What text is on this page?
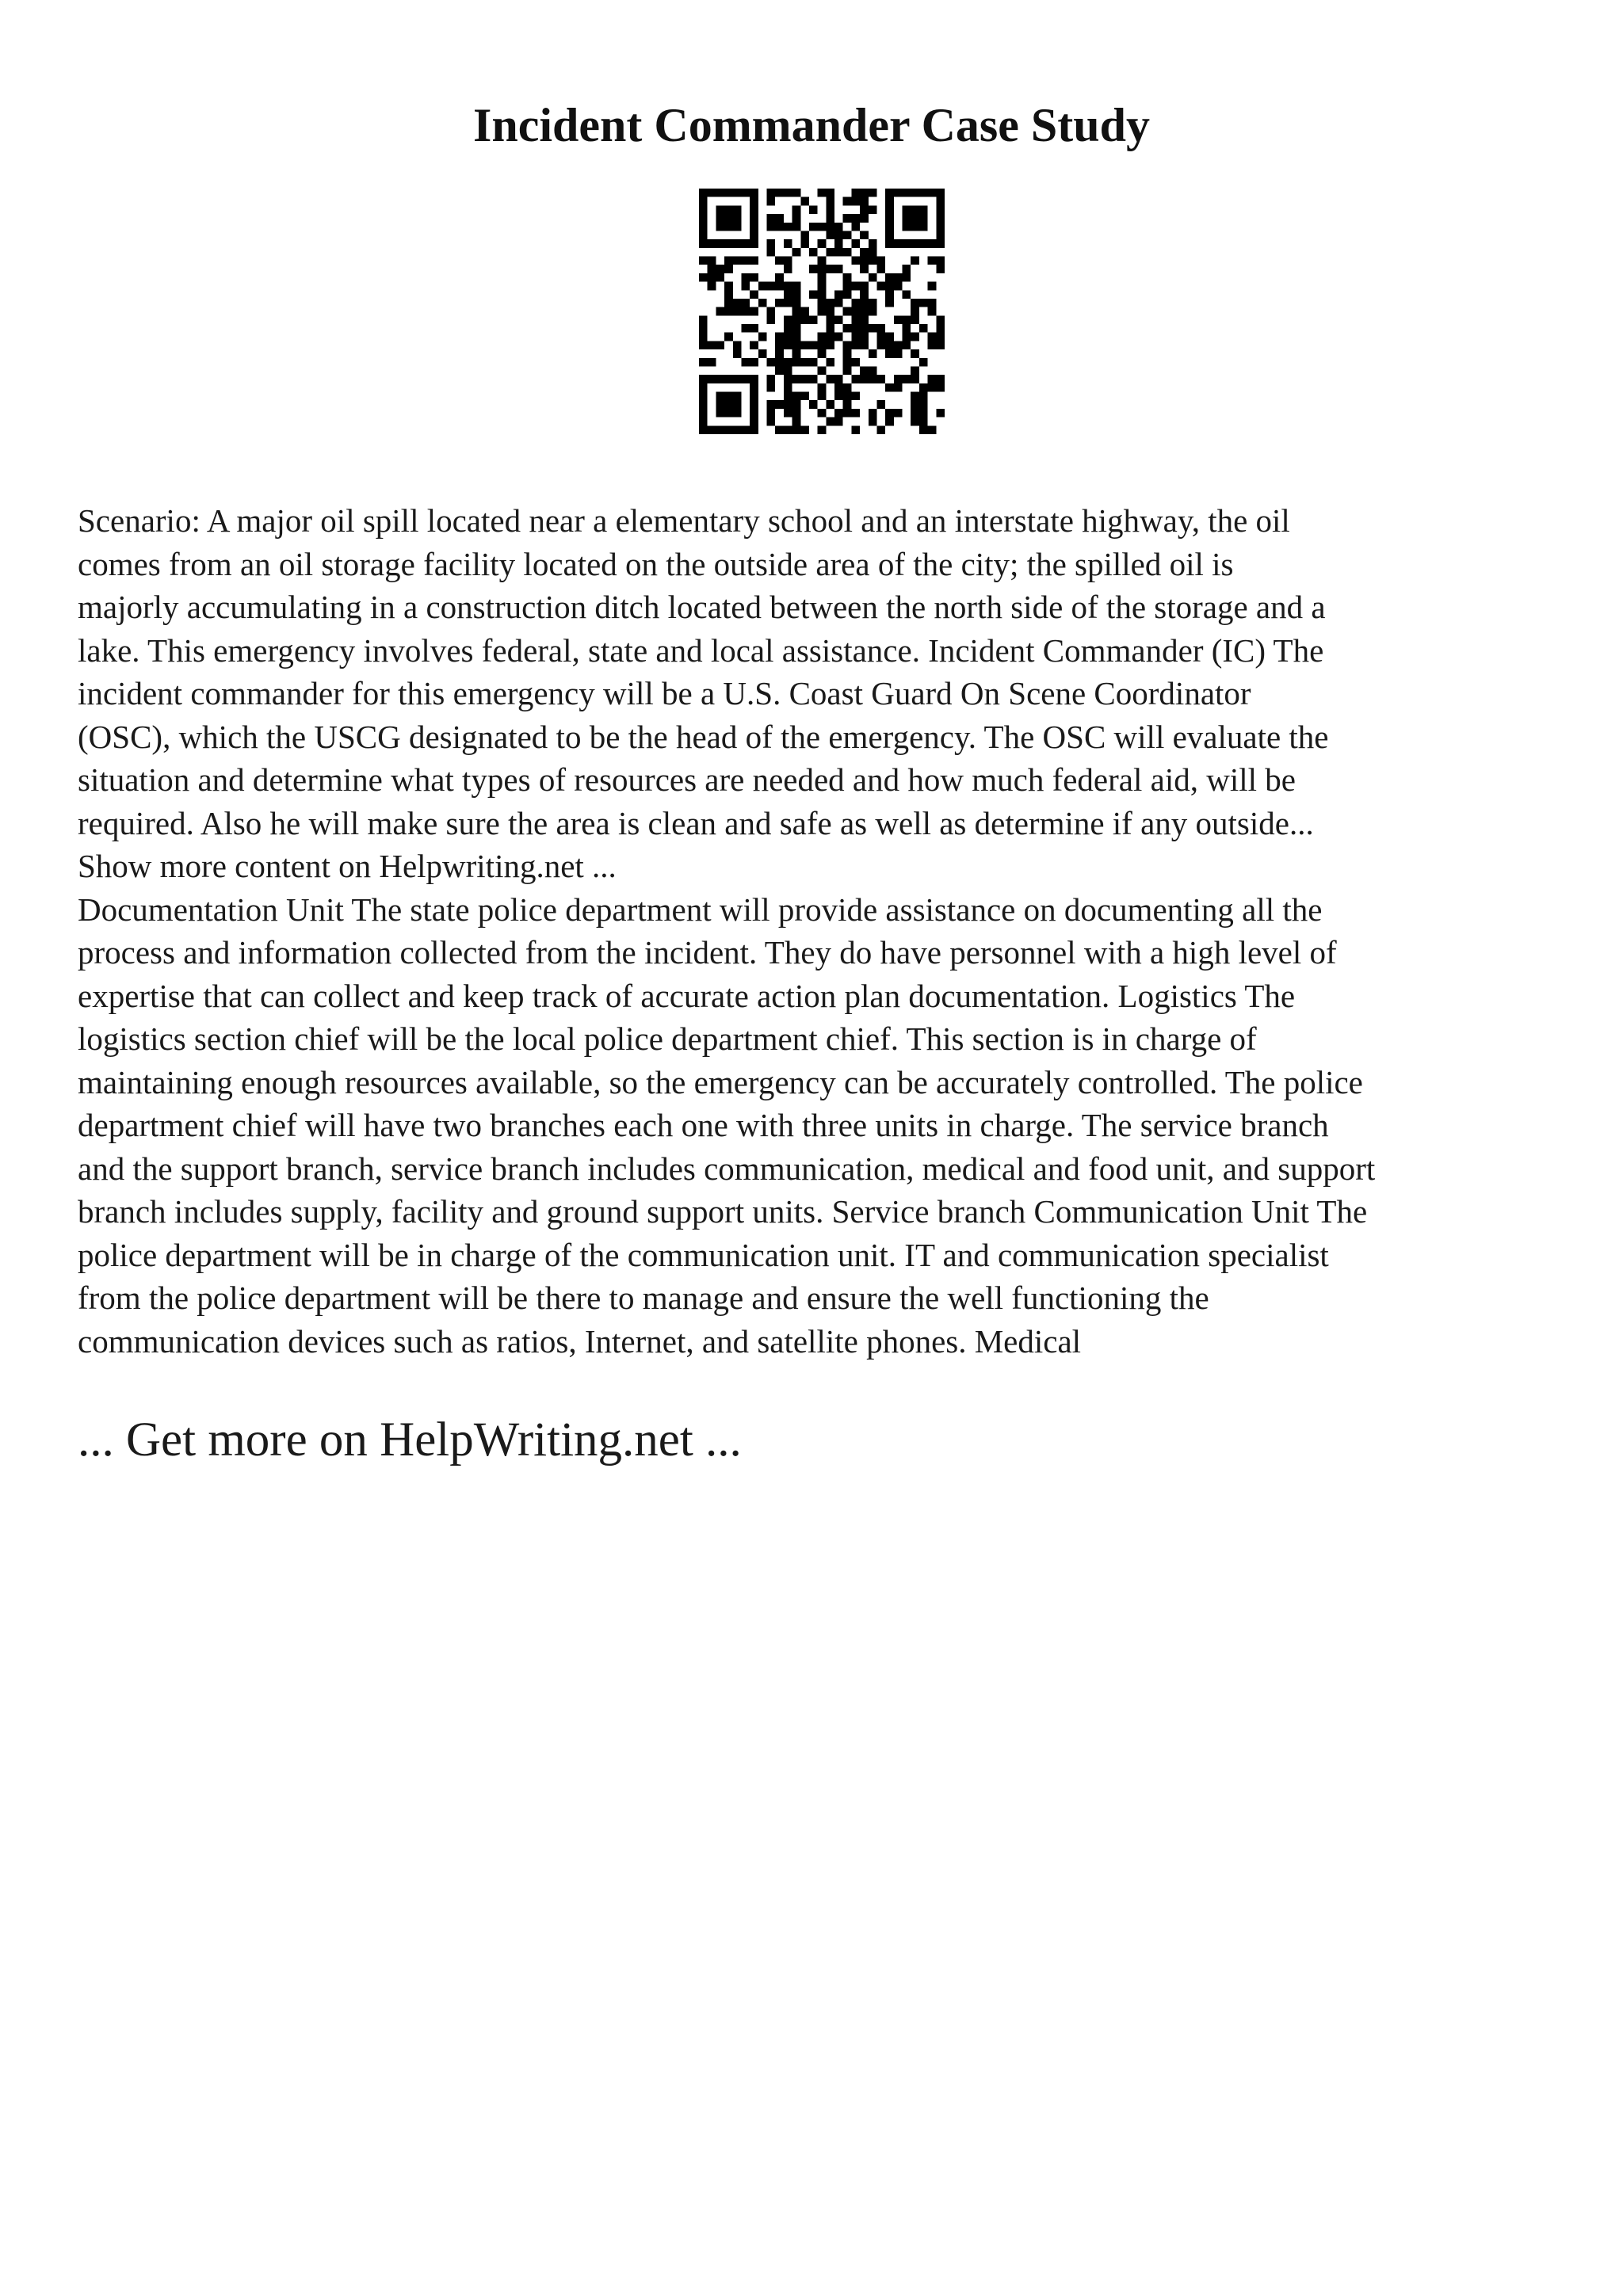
Incident Commander Case Study

Scenario: A major oil spill located near a elementary school and an interstate highway, the oil
comes from an oil storage facility located on the outside area of the city; the spilled oil is
majorly accumulating in a construction ditch located between the north side of the storage and a
lake. This emergency involves federal, state and local assistance. Incident Commander (IC) The
incident commander for this emergency will be a U.S. Coast Guard On Scene Coordinator
(OSC), which the USCG designated to be the head of the emergency. The OSC will evaluate the
situation and determine what types of resources are needed and how much federal aid, will be
required. Also he will make sure the area is clean and safe as well as determine if any outside...
Show more content on Helpwriting.net ...
Documentation Unit The state police department will provide assistance on documenting all the
process and information collected from the incident. They do have personnel with a high level of
expertise that can collect and keep track of accurate action plan documentation. Logistics The
logistics section chief will be the local police department chief. This section is in charge of
maintaining enough resources available, so the emergency can be accurately controlled. The police
department chief will have two branches each one with three units in charge. The service branch
and the support branch, service branch includes communication, medical and food unit, and support
branch includes supply, facility and ground support units. Service branch Communication Unit The
police department will be in charge of the communication unit. IT and communication specialist
from the police department will be there to manage and ensure the well functioning the
communication devices such as ratios, Internet, and satellite phones. Medical

... Get more on HelpWriting.net ...
